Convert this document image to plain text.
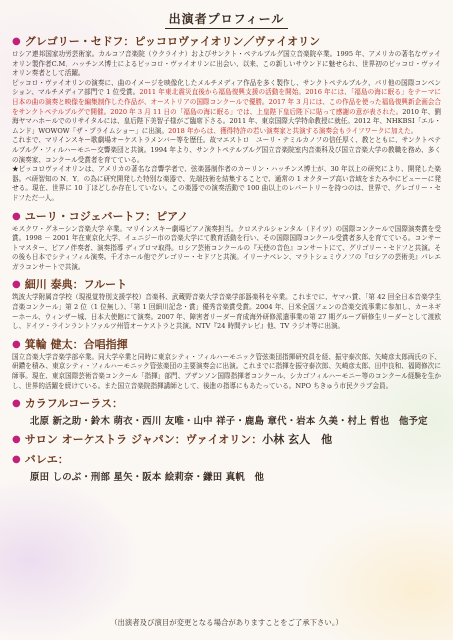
出演者プロフィール
● グレゴリー・セドフ ：ピッコロヴァイオリン／ヴァイオリン

ロシア連邦国家功労芸術家。カルコフ音楽院（ウクライナ）およびサンクト・ペテルブルグ国立音楽院卒業。1995 年、アメリカの著名なヴァイオリン製作者C.M．ハッチンス博士によるピッコロ・ヴァイオリンに出会い、以来、この新しいサウンドに魅せられ、世界初のピッコロ・ヴァイオリン奏者として活躍。

ピッコロ・ヴァイオリンの演奏に、曲のイメージを映像化したメルチメディア作品を多く製作し、サンクトペテルブルク、パリ他の国際コンベンション、マルチメディア部門で 1 位受賞。2011 年東北震災直後から福島復興支援の活動を開始。2016 年には、「福島の海に眠る」をテーマに日本の曲の演奏と映像を編集制作した作品が、オーストリアの国際コンクールで優勝。2017 年 3 月には、この作品を使った福島復興新企画会合をサンクトペテルブルグで開催。2020 年 3 月 11 日の「福島の海に眠る」では、上皇陛下皇后陛下に貼って感謝の意が表された。2010 年、劉海ヤマハホールでのリサイタルには、皇后陛下美智子様がご臨席下さる。2011 年、東京国際大学特命教授に就任。2012 年、NHKBSI「エル・ムンド」WOWOW「ザ・プライムショー」に出演。2018 年からは、獲得特許の若い演奏家と共演する演奏会もライフワークに加えた。

これまで、マリインスキー歌劇場オーケストラメンバー等を歴任。故マエストロ　ユーリ・テミルカノフの信任厚く、教とともに、サンクトペテルブルグ・フィルハーモニー交響楽団と共演。1994 年より、サンクトペテルブルグ国立音楽院室内音楽科及び国立音楽大学の教職を務め、多くの演奏家、コンクール受賞者を育てている。

★ピッコロヴァイオリンは、アメリカの著名な音響学者で、弦楽器制作者のカーリン・ハッチンス博士が、30 年以上の研究により、開発した楽器。べ研智知の N．Y．の為に研究開発した特別な楽器で、先端技術を結集することで、通常の 1 オクターブ高い音域をまたみやにビューーに発せる。現在、世界に 10 丁ほどしか存在していない。この楽器での演奏活動で 100 曲以上のレパートリーを持つのは、世界で、グレゴリー・セドフただ一人。

● ユーリ・コジェバートフ ：ピアノ

モスクワ・グネーシン音楽大学 卒業。マリインスキー劇場ピアノ演奏担当。クロステルシャンタル（ドイツ）の国際コンクールで国際演奏賞を受賞。1998 － 2001 年在東京化大学、イェニジー市の音楽大学にて教育活動を行い、その国際国際コンクール受賞者多人を育てている。コンサートマスター、ピアノ伴奏者、演奏指導 ディプロマ取得。ロシア芸術コンクールの『天使の音色』コンサートにて、グリゴリー・セドフと共演。その後も日本でシティフィル演奏。千才ホール他でグレゴリー・セドフと共演。イリーナベレン、マラトシェミウノフの『ロシアの芸術美』パレエガラコンサートで共演。

● 細川 泰典 ：フルート

筑波大学附属音学校（現視覚特別支援学校）音楽科、武蔵野音楽大学音楽学部器楽科を卒業。これまでに、ヤマハ賞、「第 42 回全日本音楽学生音楽コンクール」第 2 位（1 位無し）、「第 1 回細川記念・賞」優秀音楽賞受賞。2004 年、日米全国フェンの音楽交流事業に参加し、カーネギーホール、ウィンザー城、日本大使館にて演奏。2007 年、障害者リーダー育成海外研修派遣事業の第 27 期グループ研修生リーダーとして渡欧し、ドイツ・ラインラントファルツ州管オーケストラと共演。NTV『24 時間テレビ』他、TV ラジオ等に出演。

● 箕輪 健太 ：合唱指揮

国立音楽大学音楽学部卒業。同大学卒業と同時に東京シティ・フィルハーモニック管弦楽団指揮研究員を経、振守泰次郎、矢崎彦太郎両氏の下、研鑽を積み、東京シティ・フィルハーモニック管弦楽団の主要演奏会に出演。これまでに指揮を振守泰次郎、矢崎彦太郎、田中良和、福岡修次に師事。現在、東京国際芸術音楽コンクール「指揮」部門、ブザンソン国際指揮者コンクール、シカゴフィルハーモニー等のコンクール経験を生かし、世界的活躍を続けている。また国立音楽院指揮講師として、後進の指導にもあたっている。NPO ちきゅう市民クラブ会員。

● カラフルコーラス：
北原 新之助・鈴木 萌衣・西川 友唯・山中 祥子・鹿島 章代・岩本 久美・村上 哲也　他予定
● サロン オーケストラ ジャパン： ヴァイオリン： 小林 玄人　他
● バレエ：
原田 しのぶ・刑部 星矢・阪本 絵莉奈・鎌田 真帆　他
（出演者及び演目が変更となる場合がありますことをご了承下さい。）
